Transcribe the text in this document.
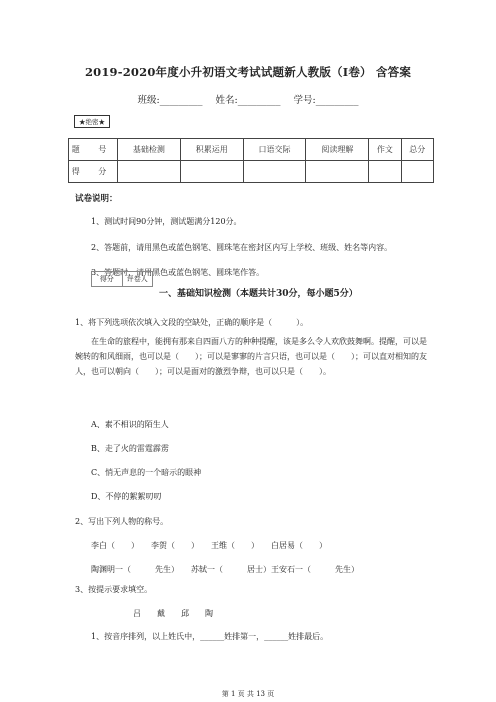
2019-2020年度小升初语文考试试题新人教版（I卷） 含答案
班级:_________ 姓名:_________ 学号:_________
★绝密★
题 号	基础检测	积累运用	口语交际	阅读理解	作文	总分
得 分						
试卷说明：
1、测试时间90分钟，测试题满分120分。
2、答题前，请用黑色或蓝色钢笔、圆珠笔在密封区内写上学校、班级、姓名等内容。
3、答题时，请用黑色或蓝色钢笔、圆珠笔作答。
得分	评卷人
一、基础知识检测（本题共计30分，每小题5分）
1、将下列选项依次填入文段的空缺处，正确的顺序是（　　　）。
在生命的旅程中，能拥有那来自四面八方的种种提醒，该是多么令人欢欣鼓舞啊。提醒，可以是婉转的和风细雨，也可以是（　　）；可以是寥寥的片言只语，也可以是（　　）；可以直对相知的友人，也可以朝向（　　）；可以是面对的激烈争辩，也可以只是（　　）。
A、素不相识的陌生人
B、走了火的雷霆霹雳
C、悄无声息的一个暗示的眼神
D、不停的絮絮叨叨
2、写出下列人物的称号。
李白（　　）　　李贺（　　）　　王维（　　）　　白居易（　　）
陶渊明一（　　　先生）　　苏轼一（　　　居士）王安石一（　　　先生）
3、按提示要求填空。
吕　　戴　　邱　　陶
1、按音序排列，以上姓氏中，______姓排第一，______姓排最后。
第 1 页 共 13 页
